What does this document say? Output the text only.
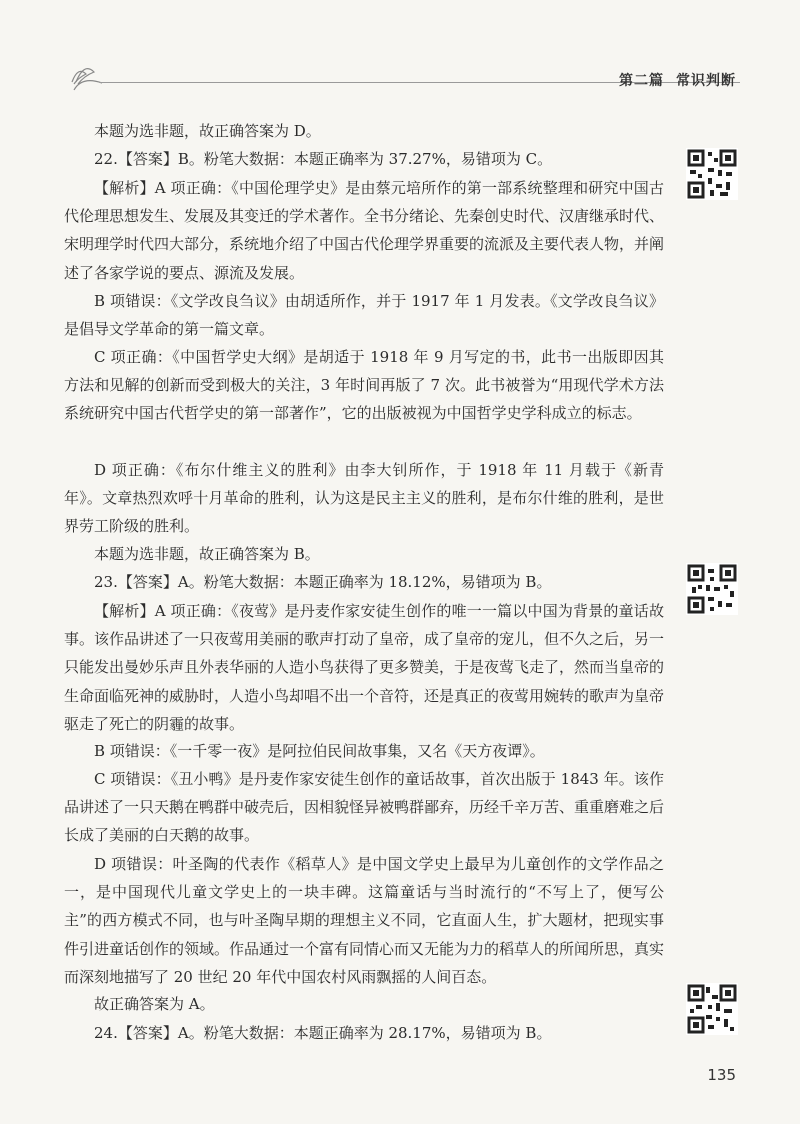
第二篇 常识判断

本题为选非题，故正确答案为 D。

22.【答案】B。粉笔大数据：本题正确率为 37.27%，易错项为 C。

【解析】A 项正确：《中国伦理学史》是由蔡元培所作的第一部系统整理和研究中国古代伦理思想发生、发展及其变迁的学术著作。全书分绪论、先秦创史时代、汉唐继承时代、宋明理学时代四大部分，系统地介绍了中国古代伦理学界重要的流派及主要代表人物，并阐述了各家学说的要点、源流及发展。

B 项错误：《文学改良刍议》由胡适所作，并于 1917 年 1 月发表。《文学改良刍议》是倡导文学革命的第一篇文章。

C 项正确：《中国哲学史大纲》是胡适于 1918 年 9 月写定的书，此书一出版即因其方法和见解的创新而受到极大的关注，3 年时间再版了 7 次。此书被誉为“用现代学术方法系统研究中国古代哲学史的第一部著作”，它的出版被视为中国哲学史学科成立的标志。

D 项正确：《布尔什维主义的胜利》由李大钊所作，于 1918 年 11 月载于《新青年》。文章热烈欢呼十月革命的胜利，认为这是民主主义的胜利，是布尔什维的胜利，是世界劳工阶级的胜利。

本题为选非题，故正确答案为 B。

23.【答案】A。粉笔大数据：本题正确率为 18.12%，易错项为 B。

【解析】A 项正确：《夜莺》是丹麦作家安徒生创作的唯一一篇以中国为背景的童话故事。该作品讲述了一只夜莺用美丽的歌声打动了皇帝，成了皇帝的宠儿，但不久之后，另一只能发出曼妙乐声且外表华丽的人造小鸟获得了更多赞美，于是夜莺飞走了，然而当皇帝的生命面临死神的威胁时，人造小鸟却唱不出一个音符，还是真正的夜莺用婉转的歌声为皇帝驱走了死亡的阴霾的故事。

B 项错误：《一千零一夜》是阿拉伯民间故事集，又名《天方夜谭》。

C 项错误：《丑小鸭》是丹麦作家安徒生创作的童话故事，首次出版于 1843 年。该作品讲述了一只天鹅在鸭群中破壳后，因相貌怪异被鸭群鄙弃，历经千辛万苦、重重磨难之后长成了美丽的白天鹅的故事。

D 项错误：叶圣陶的代表作《稻草人》是中国文学史上最早为儿童创作的文学作品之一，是中国现代儿童文学史上的一块丰碑。这篇童话与当时流行的“不写上了，便写公主”的西方模式不同，也与叶圣陶早期的理想主义不同，它直面人生，扩大题材，把现实事件引进童话创作的领域。作品通过一个富有同情心而又无能为力的稻草人的所闻所思，真实而深刻地描写了 20 世纪 20 年代中国农村风雨飘摇的人间百态。

故正确答案为 A。

24.【答案】A。粉笔大数据：本题正确率为 28.17%，易错项为 B。

135
